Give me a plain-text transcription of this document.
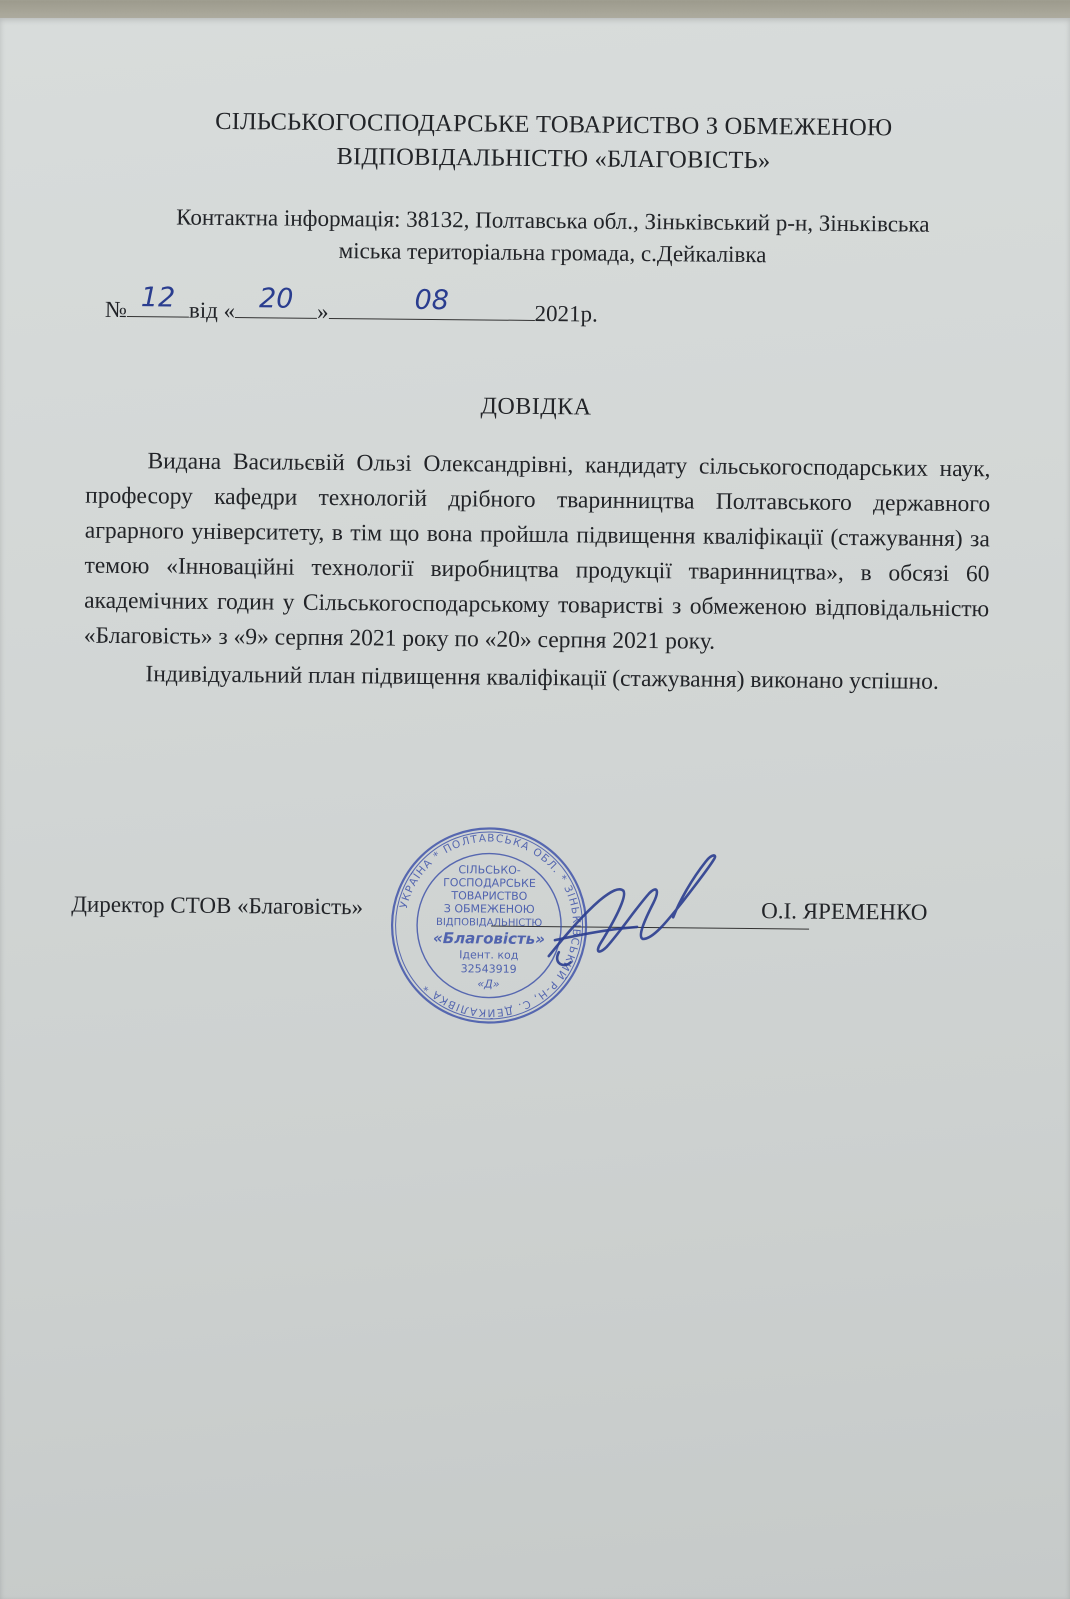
СІЛЬСЬКОГОСПОДАРСЬКЕ ТОВАРИСТВО З ОБМЕЖЕНОЮ
ВІДПОВІДАЛЬНІСТЮ «БЛАГОВІСТЬ»
Контактна інформація: 38132, Полтавська обл., Зіньківський р-н, Зіньківська
міська територіальна громада, с.Дейкалівка
№ 12 від « 20	»	08	2021р.
ДОВІДКА

Видана Васильєвій Ользі Олександрівні, кандидату сільськогосподарських наук, професору кафедри технологій дрібного тваринництва Полтавського державного аграрного університету, в тім що вона пройшла підвищення кваліфікації (стажування) за темою «Інноваційні технології виробництва продукції тваринництва», в обсязі 60 академічних годин у Сільськогосподарському товаристві з обмеженою відповідальністю «Благовість» з «9» серпня 2021 року по «20» серпня 2021 року.

Індивідуальний план підвищення кваліфікації (стажування) виконано успішно.

Директор СТОВ «Благовість»	О.І. ЯРЕМЕНКО
УКРАЇНА * ПОЛТАВСЬКА ОБЛ. * ЗІНЬКІВСЬКИЙ Р-Н, С. ДЕЙКАЛІВКА *
СІЛЬСЬКО-
ГОСПОДАРСЬКЕ
ТОВАРИСТВО
З ОБМЕЖЕНОЮ
ВІДПОВІДАЛЬНІСТЮ
«Благовість»
Ідент. код
32543919
«Д»
